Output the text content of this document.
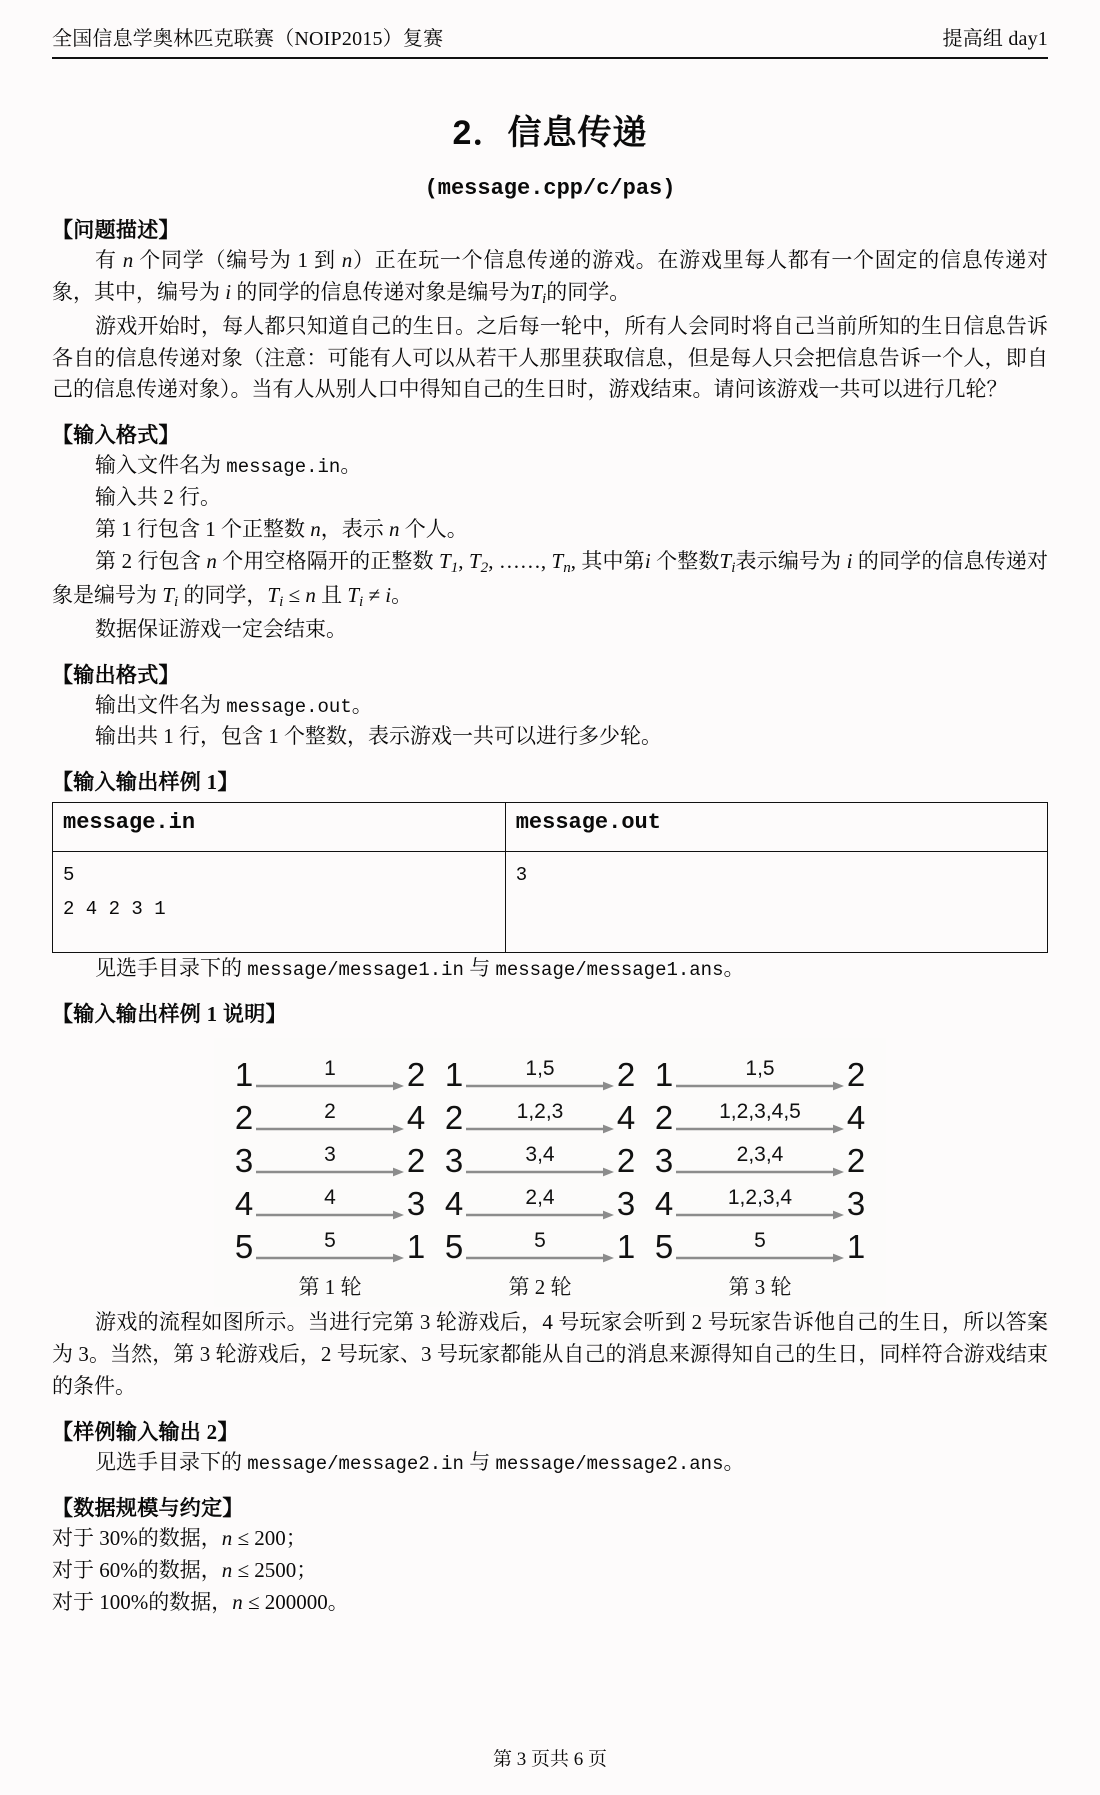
全国信息学奥林匹克联赛（NOIP2015）复赛	提高组 day1
2．信息传递
(message.cpp/c/pas)
【问题描述】

有 n 个同学（编号为 1 到 n）正在玩一个信息传递的游戏。在游戏里每人都有一个固定的信息传递对象，其中，编号为 i 的同学的信息传递对象是编号为$T_i$的同学。

游戏开始时，每人都只知道自己的生日。之后每一轮中，所有人会同时将自己当前所知的生日信息告诉各自的信息传递对象（注意：可能有人可以从若干人那里获取信息，但是每人只会把信息告诉一个人，即自己的信息传递对象）。当有人从别人口中得知自己的生日时，游戏结束。请问该游戏一共可以进行几轮？

【输入格式】

输入文件名为 message.in。

输入共 2 行。

第 1 行包含 1 个正整数 n，表示 n 个人。

第 2 行包含 n 个用空格隔开的正整数 $T_1$, $T_2$, ……, $T_n$, 其中第i 个整数$T_i$表示编号为 i 的同学的信息传递对象是编号为 $T_i$ 的同学，$T_i \le n$ 且 $T_i \ne i$。

数据保证游戏一定会结束。

【输出格式】

输出文件名为 message.out。

输出共 1 行，包含 1 个整数，表示游戏一共可以进行多少轮。

【输入输出样例 1】
message.in	message.out

5
2 4 2 3 1	3

见选手目录下的 message/message1.in 与 message/message1.ans。

【输入输出样例 1 说明】
1	1 2
2	2 4
3	3 2
4	4 3
5	5 1
第 1 轮
1	1,5 2
2	1,2,3 4
3	3,4 2
4	2,4 3
5	5 1
第 2 轮
1	1,5 2
2 1,2,3,4,5 4
3	2,3,4 2
4	1,2,3,4 3
5	5 1
第 3 轮

游戏的流程如图所示。当进行完第 3 轮游戏后，4 号玩家会听到 2 号玩家告诉他自己的生日，所以答案为 3。当然，第 3 轮游戏后，2 号玩家、3 号玩家都能从自己的消息来源得知自己的生日，同样符合游戏结束的条件。

【样例输入输出 2】

见选手目录下的 message/message2.in 与 message/message2.ans。

【数据规模与约定】

对于 30%的数据，n ≤ 200；

对于 60%的数据，n ≤ 2500；

对于 100%的数据，n ≤ 200000。

第 3 页共 6 页
